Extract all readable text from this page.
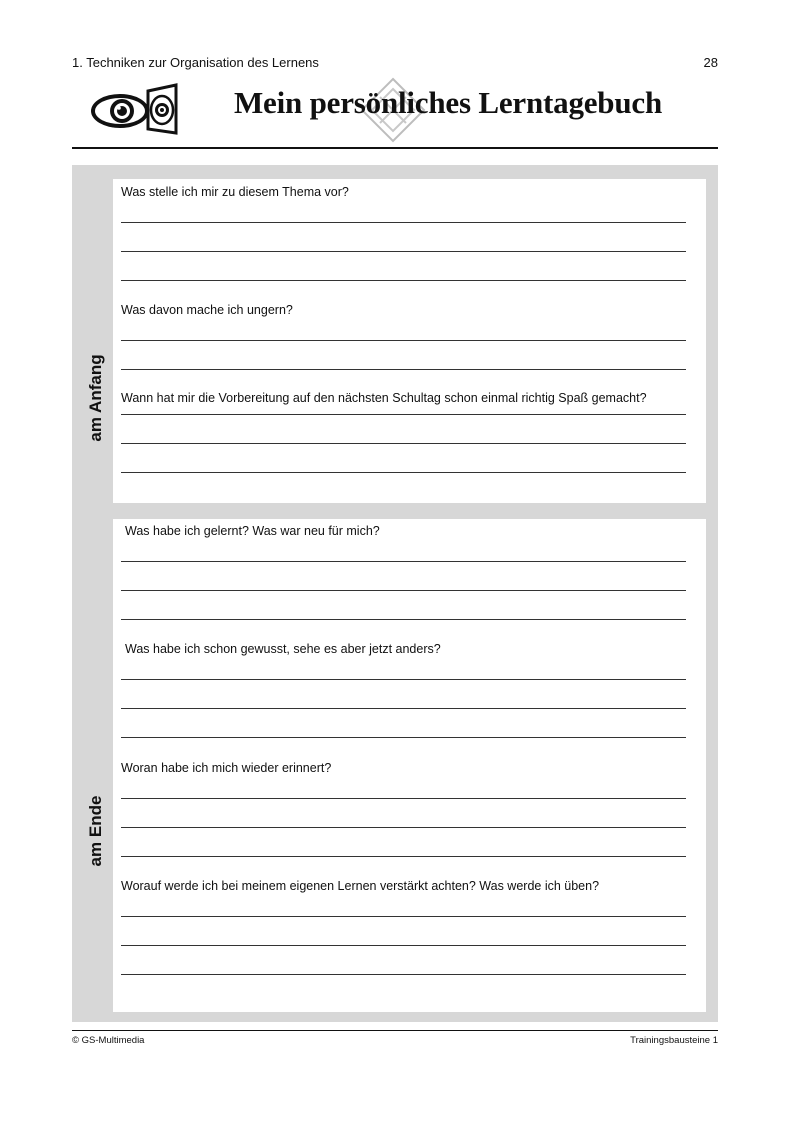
1. Techniken zur Organisation des Lernens	28
Mein persönliches Lerntagebuch
am Anfang
am Ende
Was stelle ich mir zu diesem Thema vor?
Was davon mache ich ungern?
Wann hat mir die Vorbereitung auf den nächsten Schultag schon einmal richtig Spaß gemacht?
Was habe ich gelernt? Was war neu für mich?
Was habe ich schon gewusst, sehe es aber jetzt anders?
Woran habe ich mich wieder erinnert?
Worauf werde ich bei meinem eigenen Lernen verstärkt achten? Was werde ich üben?
© GS-Multimedia	Trainingsbausteine 1
